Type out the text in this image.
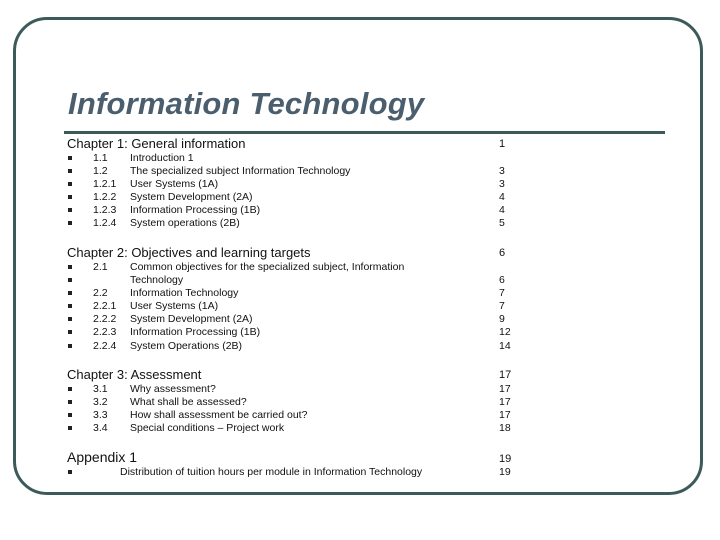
Information Technology
Chapter 1: General information	1
1.1 Introduction 1
1.2 The specialized subject Information Technology	3
1.2.1 User Systems (1A)	3
1.2.2 System Development (2A)	4
1.2.3 Information Processing (1B)	4
1.2.4 System operations (2B)	5
Chapter 2: Objectives and learning targets	6
2.1 Common objectives for the specialized subject, Information
Technology	6
2.2 Information Technology	7
2.2.1 User Systems (1A)	7
2.2.2 System Development (2A)	9
2.2.3 Information Processing (1B)	12
2.2.4 System Operations (2B)	14
Chapter 3: Assessment	17
3.1 Why assessment?	17
3.2 What shall be assessed?	17
3.3 How shall assessment be carried out?	17
3.4 Special conditions – Project work	18
Appendix 1	19
Distribution of tuition hours per module in Information Technology	19
